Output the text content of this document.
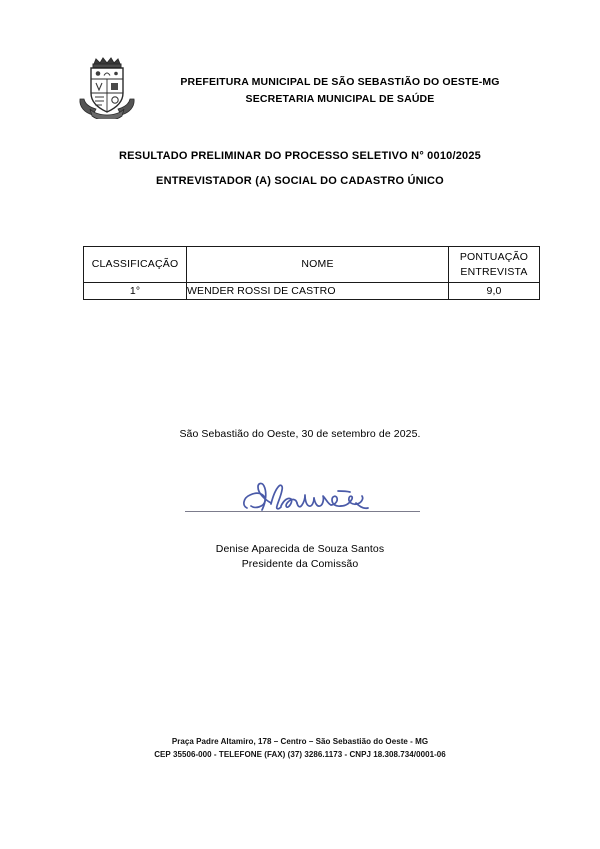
PREFEITURA MUNICIPAL DE SÃO SEBASTIÃO DO OESTE-MG
SECRETARIA MUNICIPAL DE SAÚDE
RESULTADO PRELIMINAR DO PROCESSO SELETIVO N° 0010/2025
ENTREVISTADOR (A) SOCIAL DO CADASTRO ÚNICO
CLASSIFICAÇÃO	NOME	PONTUAÇÃO
ENTREVISTA

1°	WENDER ROSSI DE CASTRO	9,0
São Sebastião do Oeste, 30 de setembro de 2025.
Denise Aparecida de Souza Santos
Presidente da Comissão
Praça Padre Altamiro, 178 – Centro – São Sebastião do Oeste - MG
CEP 35506-000 - TELEFONE (FAX) (37) 3286.1173 - CNPJ 18.308.734/0001-06
